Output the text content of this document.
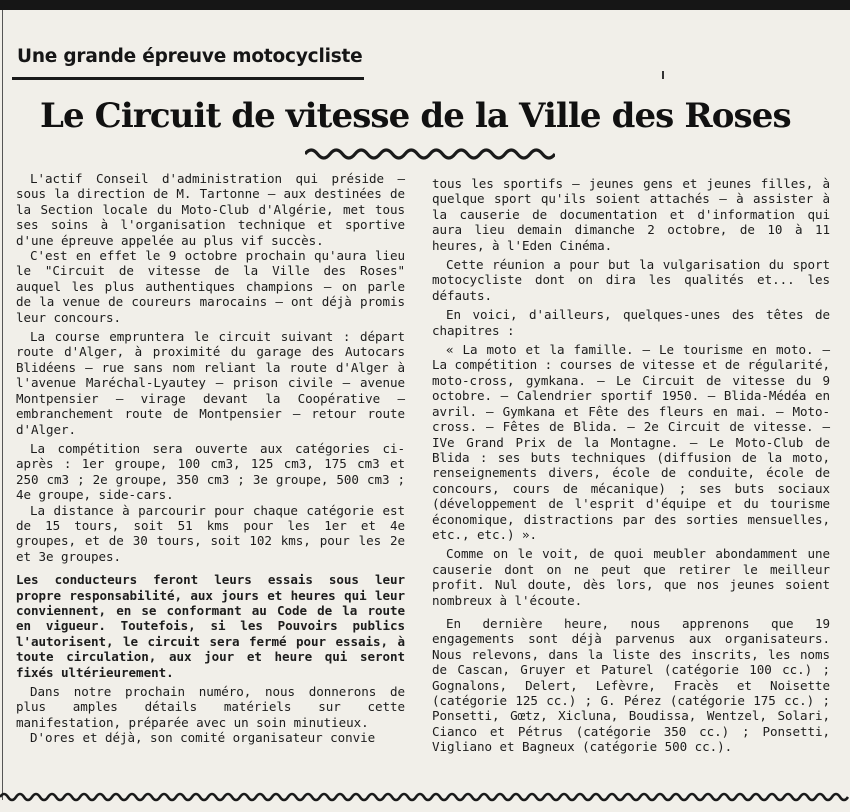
Une grande épreuve motocycliste
Le Circuit de vitesse de la Ville des Roses

L'actif Conseil d'administration qui préside — sous la direction de M. Tartonne — aux destinées de la Section locale du Moto-Club d'Algérie, met tous ses soins à l'organisation technique et sportive d'une épreuve appelée au plus vif succès.

C'est en effet le 9 octobre prochain qu'aura lieu le "Circuit de vitesse de la Ville des Roses" auquel les plus authentiques champions — on parle de la venue de coureurs marocains — ont déjà promis leur concours.

La course empruntera le circuit suivant : départ route d'Alger, à proximité du garage des Autocars Blidéens — rue sans nom reliant la route d'Alger à l'avenue Maréchal-Lyautey — prison civile — avenue Montpensier — virage devant la Coopérative — embranchement route de Montpensier — retour route d'Alger.

La compétition sera ouverte aux catégories ci-après : 1er groupe, 100 cm3, 125 cm3, 175 cm3 et 250 cm3 ; 2e groupe, 350 cm3 ; 3e groupe, 500 cm3 ; 4e groupe, side-cars.

La distance à parcourir pour chaque catégorie est de 15 tours, soit 51 kms pour les 1er et 4e groupes, et de 30 tours, soit 102 kms, pour les 2e et 3e groupes.

Les conducteurs feront leurs essais sous leur propre responsabilité, aux jours et heures qui leur conviennent, en se conformant au Code de la route en vigueur. Toutefois, si les Pouvoirs publics l'autorisent, le circuit sera fermé pour essais, à toute circulation, aux jour et heure qui seront fixés ultérieurement.

Dans notre prochain numéro, nous donnerons de plus amples détails matériels sur cette manifestation, préparée avec un soin minutieux.

D'ores et déjà, son comité organisateur convie

tous les sportifs — jeunes gens et jeunes filles, à quelque sport qu'ils soient attachés — à assister à la causerie de documentation et d'information qui aura lieu demain dimanche 2 octobre, de 10 à 11 heures, à l'Eden Cinéma.

Cette réunion a pour but la vulgarisation du sport motocycliste dont on dira les qualités et... les défauts.

En voici, d'ailleurs, quelques-unes des têtes de chapitres :

« La moto et la famille. — Le tourisme en moto. — La compétition : courses de vitesse et de régularité, moto-cross, gymkana. — Le Circuit de vitesse du 9 octobre. — Calendrier sportif 1950. — Blida-Médéa en avril. — Gymkana et Fête des fleurs en mai. — Moto-cross. — Fêtes de Blida. — 2e Circuit de vitesse. — IVe Grand Prix de la Montagne. — Le Moto-Club de Blida : ses buts techniques (diffusion de la moto, renseignements divers, école de conduite, école de concours, cours de mécanique) ; ses buts sociaux (développement de l'esprit d'équipe et du tourisme économique, distractions par des sorties mensuelles, etc., etc.) ».

Comme on le voit, de quoi meubler abondamment une causerie dont on ne peut que retirer le meilleur profit. Nul doute, dès lors, que nos jeunes soient nombreux à l'écoute.

En dernière heure, nous apprenons que 19 engagements sont déjà parvenus aux organisateurs. Nous relevons, dans la liste des inscrits, les noms de Cascan, Gruyer et Paturel (catégorie 100 cc.) ; Gognalons, Delert, Lefèvre, Fracès et Noisette (catégorie 125 cc.) ; G. Pérez (catégorie 175 cc.) ; Ponsetti, Gœtz, Xicluna, Boudissa, Wentzel, Solari, Cianco et Pétrus (catégorie 350 cc.) ; Ponsetti, Vigliano et Bagneux (catégorie 500 cc.).
